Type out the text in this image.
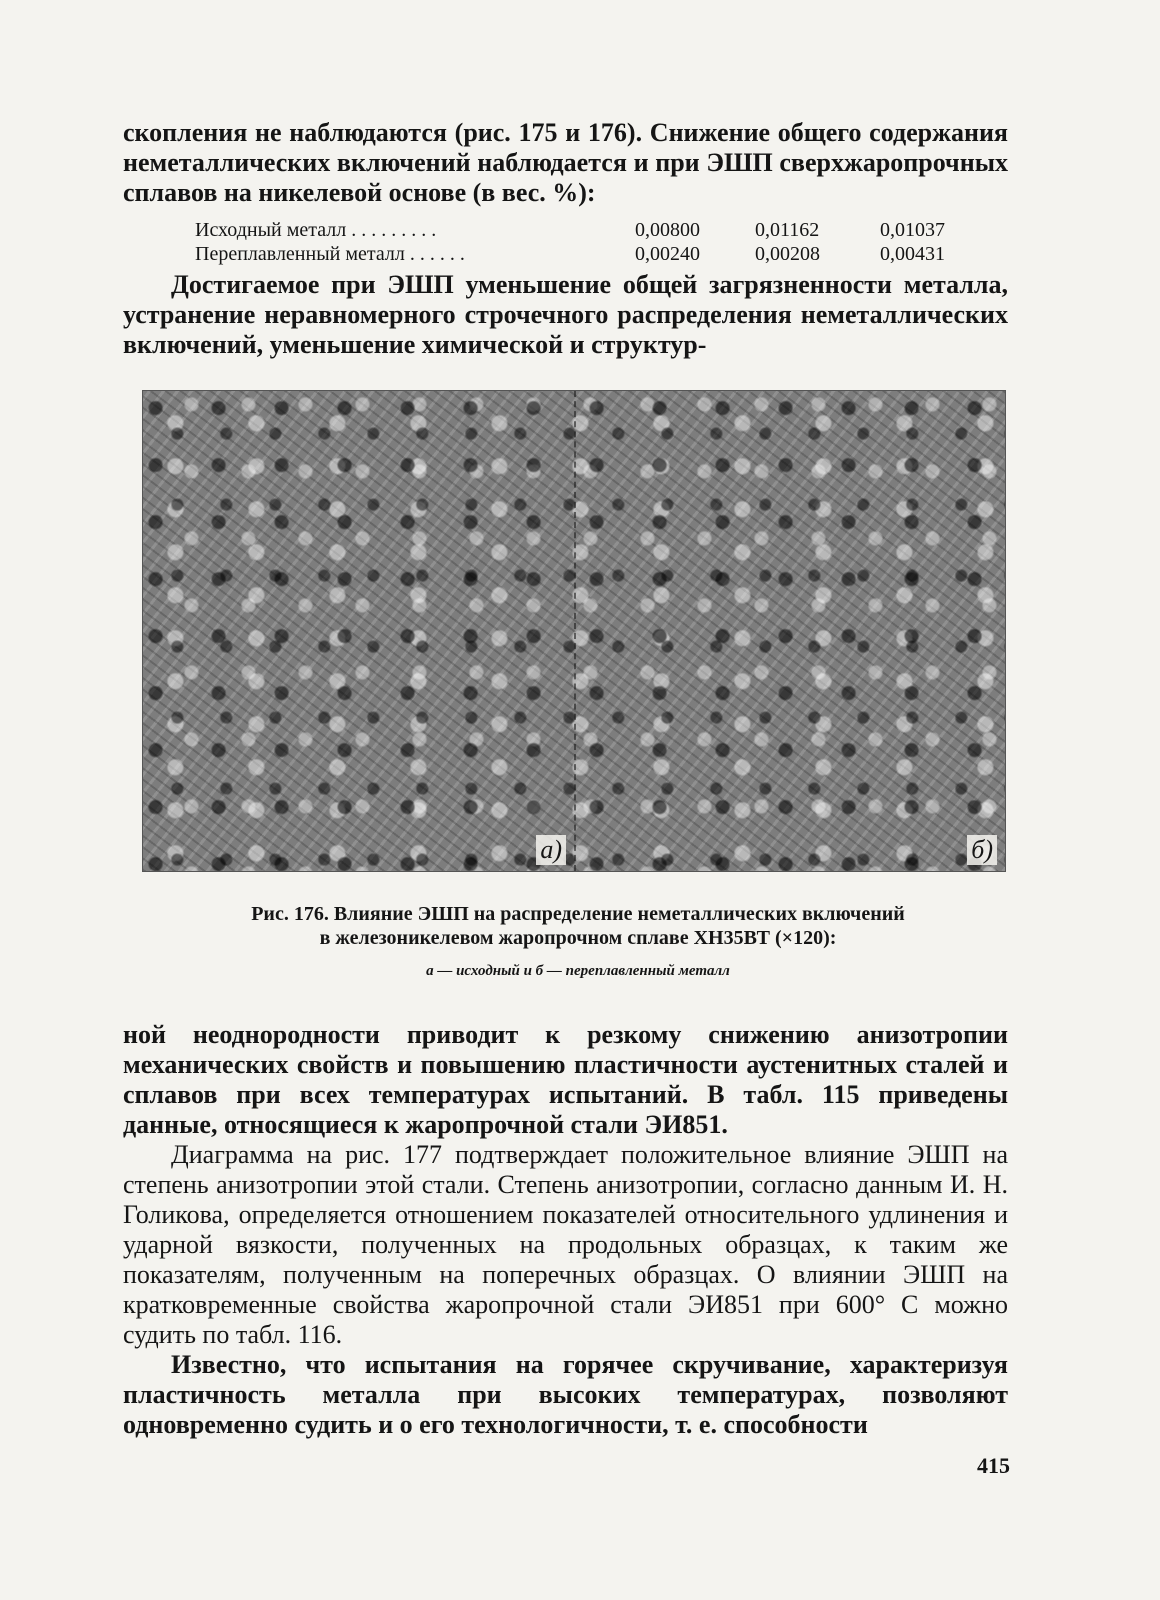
скопления не наблюдаются (рис. 175 и 176). Снижение общего содержания неметаллических включений наблюдается и при ЭШП сверхжаропрочных сплавов на никелевой основе (в вес. %):

Исходный металл . . . . . . . . .	0,00800	0,01162	0,01037
Переплавленный металл . . . . . .	0,00240	0,00208	0,00431

Достигаемое при ЭШП уменьшение общей загрязненности металла, устранение неравномерного строчечного распределения неметаллических включений, уменьшение химической и структур-

а)	б)
Рис. 176. Влияние ЭШП на распределение неметаллических включений
в железоникелевом жаропрочном сплаве ХН35ВТ (×120):
а — исходный и б — переплавленный металл

ной неоднородности приводит к резкому снижению анизотропии механических свойств и повышению пластичности аустенитных сталей и сплавов при всех температурах испытаний. В табл. 115 приведены данные, относящиеся к жаропрочной стали ЭИ851.

Диаграмма на рис. 177 подтверждает положительное влияние ЭШП на степень анизотропии этой стали. Степень анизотропии, согласно данным И. Н. Голикова, определяется отношением показателей относительного удлинения и ударной вязкости, полученных на продольных образцах, к таким же показателям, полученным на поперечных образцах. О влиянии ЭШП на кратковременные свойства жаропрочной стали ЭИ851 при 600° С можно судить по табл. 116.

Известно, что испытания на горячее скручивание, характеризуя пластичность металла при высоких температурах, позволяют одновременно судить и о его технологичности, т. е. способности

415
